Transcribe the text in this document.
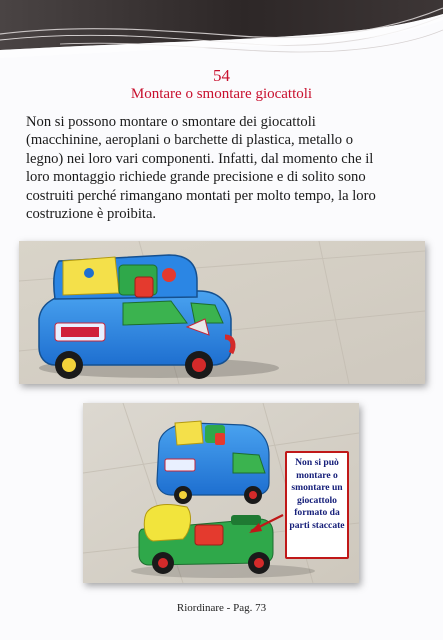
54
Montare o smontare giocattoli
Non si possono montare o smontare dei giocattoli
(macchinine, aeroplani o barchette di plastica, metallo o
legno) nei loro vari componenti. Infatti, dal momento che il
loro montaggio richiede grande precisione e di solito sono
costruiti perché rimangano montati per molto tempo, la loro
costruzione è proibita.
Non si può
montare o
smontare un
giocattolo
formato da
parti staccate
Riordinare - Pag. 73
